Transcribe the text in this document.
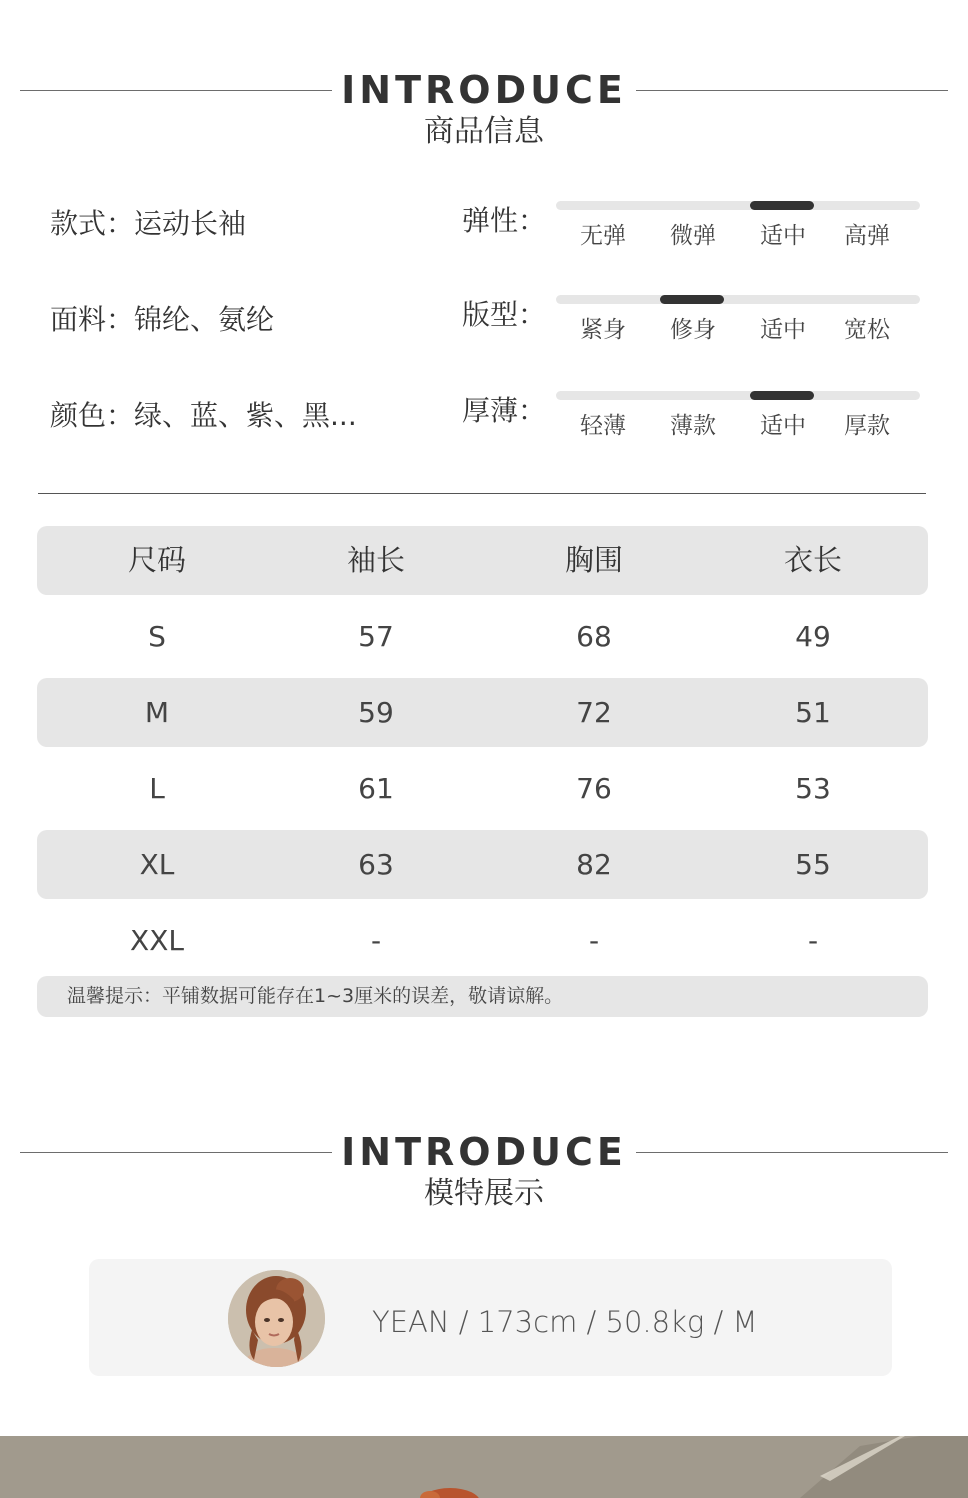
INTRODUCE
商品信息
款式：运动长袖
面料：锦纶、氨纶
颜色：绿、蓝、紫、黑...
弹性： 无弹 微弹 适中 高弹
版型： 紧身 修身 适中 宽松
厚薄： 轻薄 薄款 适中 厚款
尺码	袖长	胸围	衣长
S	57	68	49
M	59	72	51
L	61	76	53
XL	63	82	55
XXL	-	-	-
温馨提示：平铺数据可能存在1~3厘米的误差，敬请谅解。
INTRODUCE
模特展示
YEAN / 173cm / 50.8kg / M
